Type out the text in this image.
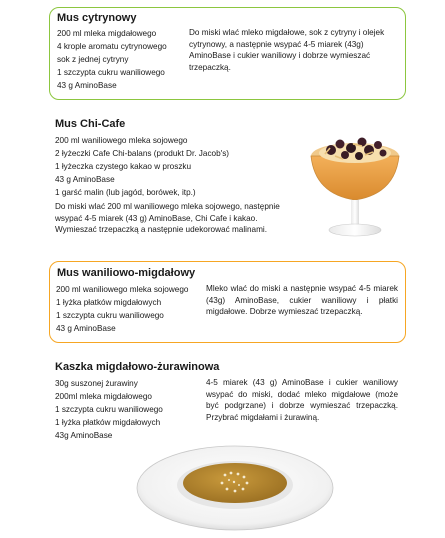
Mus cytrynowy
200 ml mleka migdałowego
4 krople aromatu cytrynowego
sok z jednej cytryny
1 szczypta cukru waniliowego
43 g AminoBase

Do miski wlać mleko migdałowe, sok z cytryny i olejek cytrynowy, a następnie wsypać 4-5 miarek (43g) AminoBase i cukier waniliowy i dobrze wymieszać trzepaczką.

Mus Chi-Cafe
200 ml waniliowego mleka sojowego
2 łyżeczki Cafe Chi-balans (produkt Dr. Jacob's)
1 łyżeczka czystego kakao w proszku
43 g AminoBase
1 garść malin (lub jagód, borówek, itp.)

Do miski wlać 200 ml waniliowego mleka sojowego, następnie wsypać 4-5 miarek (43 g) AminoBase, Chi Cafe i kakao. Wymieszać trzepaczką a następnie udekorować malinami.

Mus waniliowo-migdałowy
200 ml waniliowego mleka sojowego
1 łyżka płatków migdałowych
1 szczypta cukru waniliowego
43 g AminoBase

Mleko wlać do miski a następnie wsypać 4-5 miarek (43g) AminoBase, cukier waniliowy i płatki migdałowe. Dobrze wymieszać trzepaczką.

Kaszka migdałowo-żurawinowa
30g suszonej żurawiny
200ml mleka migdałowego
1 szczypta cukru waniliowego
1 łyżka płatków migdałowych
43g AminoBase

4-5 miarek (43 g) AminoBase i cukier waniliowy wsypać do miski, dodać mleko migdałowe (może być podgrzane) i dobrze wymieszać trzepaczką. Przybrać migdałami i żurawiną.
